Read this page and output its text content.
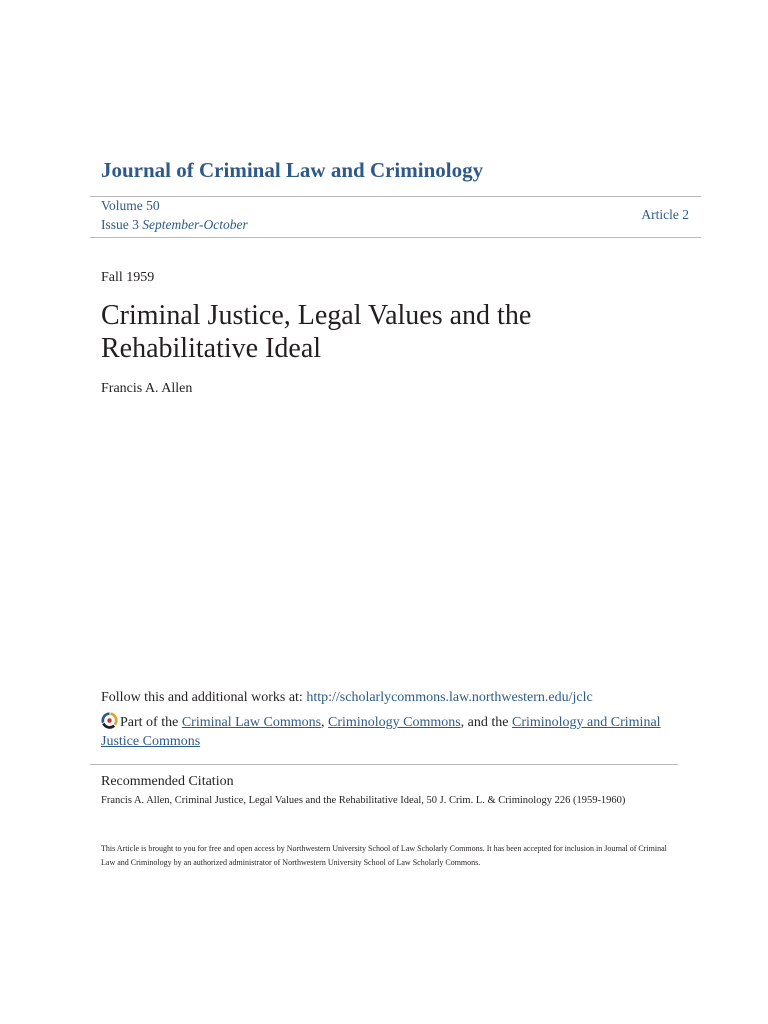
Journal of Criminal Law and Criminology
Volume 50
Issue 3 September-October
Article 2
Fall 1959
Criminal Justice, Legal Values and the Rehabilitative Ideal
Francis A. Allen
Follow this and additional works at: http://scholarlycommons.law.northwestern.edu/jclc
Part of the Criminal Law Commons, Criminology Commons, and the Criminology and Criminal Justice Commons
Recommended Citation
Francis A. Allen, Criminal Justice, Legal Values and the Rehabilitative Ideal, 50 J. Crim. L. & Criminology 226 (1959-1960)
This Article is brought to you for free and open access by Northwestern University School of Law Scholarly Commons. It has been accepted for inclusion in Journal of Criminal Law and Criminology by an authorized administrator of Northwestern University School of Law Scholarly Commons.
